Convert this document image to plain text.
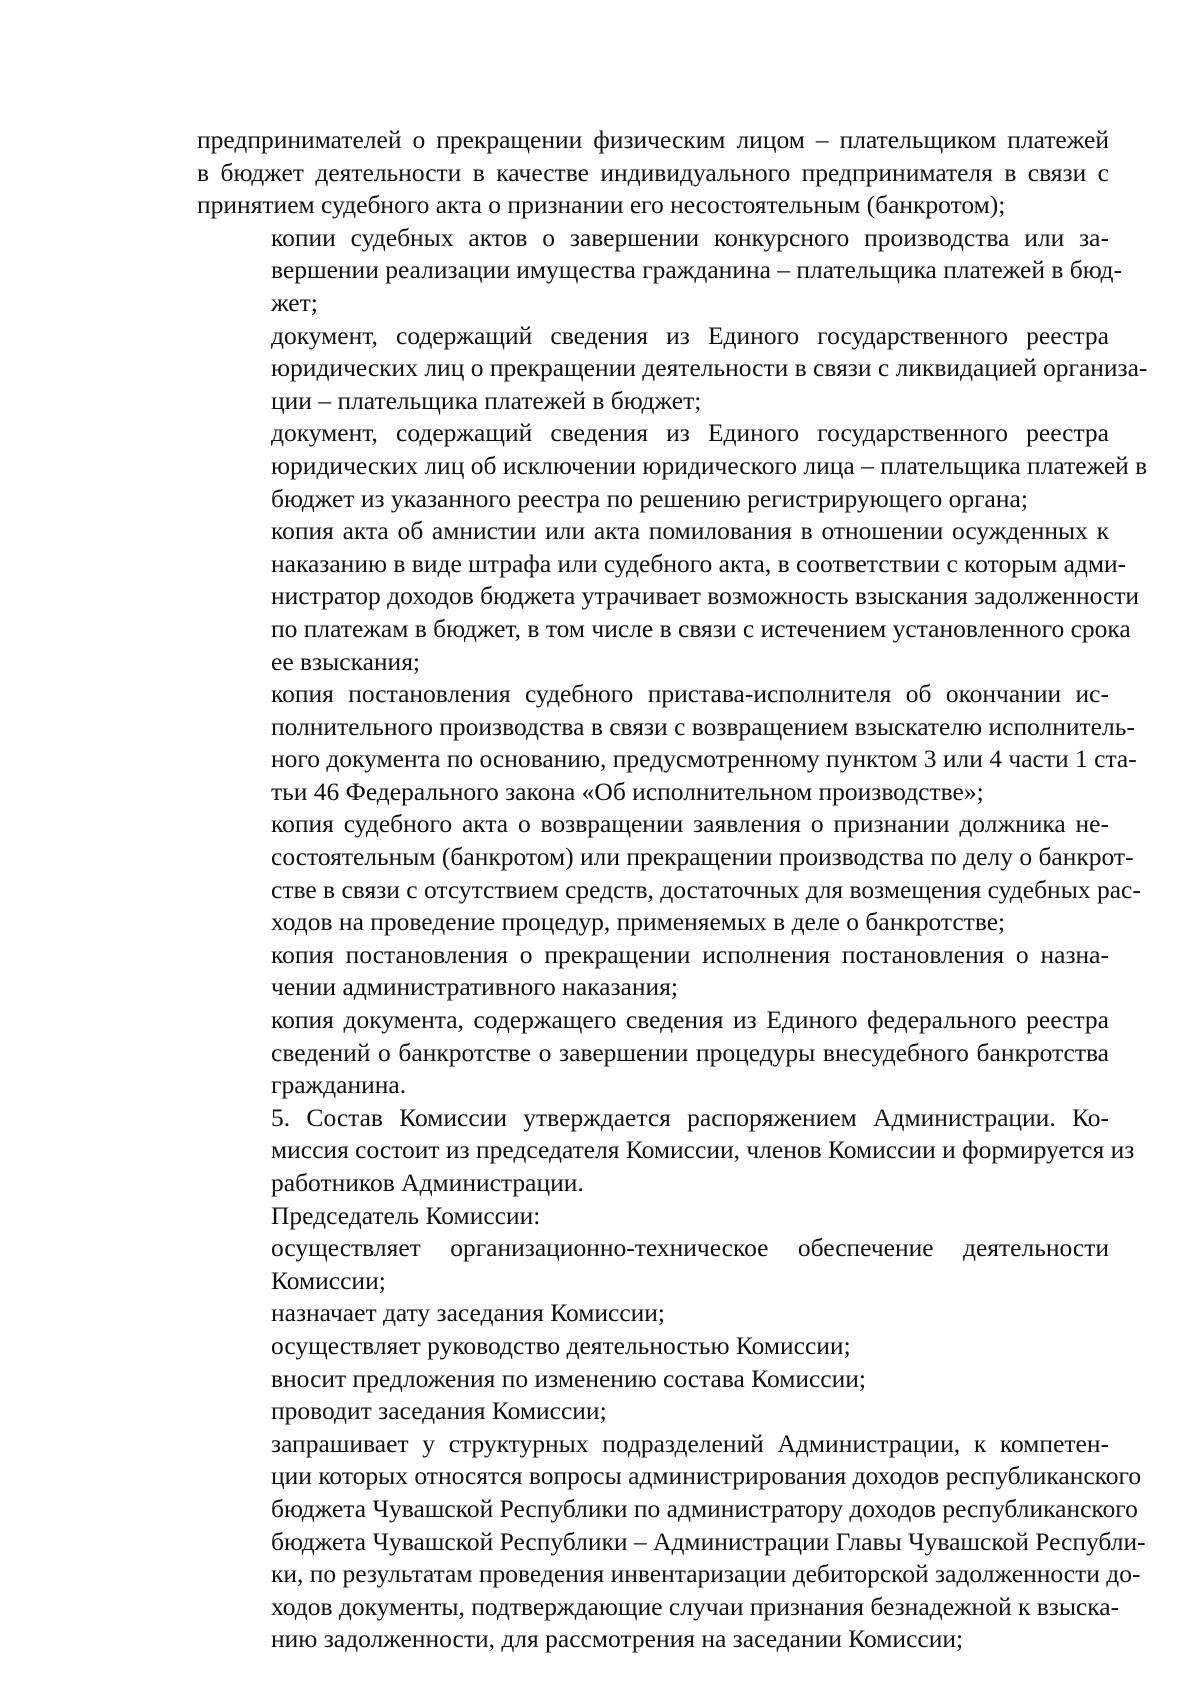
предпринимателей о прекращении физическим лицом – плательщиком платежей
в бюджет деятельности в качестве индивидуального предпринимателя в связи с
принятием судебного акта о признании его несостоятельным (банкротом);

копии судебных актов о завершении конкурсного производства или за-
вершении реализации имущества гражданина – плательщика платежей в бюд-
жет;

документ, содержащий сведения из Единого государственного реестра
юридических лиц о прекращении деятельности в связи с ликвидацией организа-
ции – плательщика платежей в бюджет;

документ, содержащий сведения из Единого государственного реестра
юридических лиц об исключении юридического лица – плательщика платежей в
бюджет из указанного реестра по решению регистрирующего органа;

копия акта об амнистии или акта помилования в отношении осужденных к
наказанию в виде штрафа или судебного акта, в соответствии с которым адми-
нистратор доходов бюджета утрачивает возможность взыскания задолженности
по платежам в бюджет, в том числе в связи с истечением установленного срока
ее взыскания;

копия постановления судебного пристава-исполнителя об окончании ис-
полнительного производства в связи с возвращением взыскателю исполнитель-
ного документа по основанию, предусмотренному пунктом 3 или 4 части 1 ста-
тьи 46 Федерального закона «Об исполнительном производстве»;

копия судебного акта о возвращении заявления о признании должника не-
состоятельным (банкротом) или прекращении производства по делу о банкрот-
стве в связи с отсутствием средств, достаточных для возмещения судебных рас-
ходов на проведение процедур, применяемых в деле о банкротстве;

копия постановления о прекращении исполнения постановления о назна-
чении административного наказания;

копия документа, содержащего сведения из Единого федерального реестра
сведений о банкротстве о завершении процедуры внесудебного банкротства
гражданина.

5. Состав Комиссии утверждается распоряжением Администрации. Ко-
миссия состоит из председателя Комиссии, членов Комиссии и формируется из
работников Администрации.

Председатель Комиссии:

осуществляет организационно-техническое обеспечение деятельности
Комиссии;

назначает дату заседания Комиссии;

осуществляет руководство деятельностью Комиссии;

вносит предложения по изменению состава Комиссии;

проводит заседания Комиссии;

запрашивает у структурных подразделений Администрации, к компетен-
ции которых относятся вопросы администрирования доходов республиканского
бюджета Чувашской Республики по администратору доходов республиканского
бюджета Чувашской Республики – Администрации Главы Чувашской Республи-
ки, по результатам проведения инвентаризации дебиторской задолженности до-
ходов документы, подтверждающие случаи признания безнадежной к взыска-
нию задолженности, для рассмотрения на заседании Комиссии;
